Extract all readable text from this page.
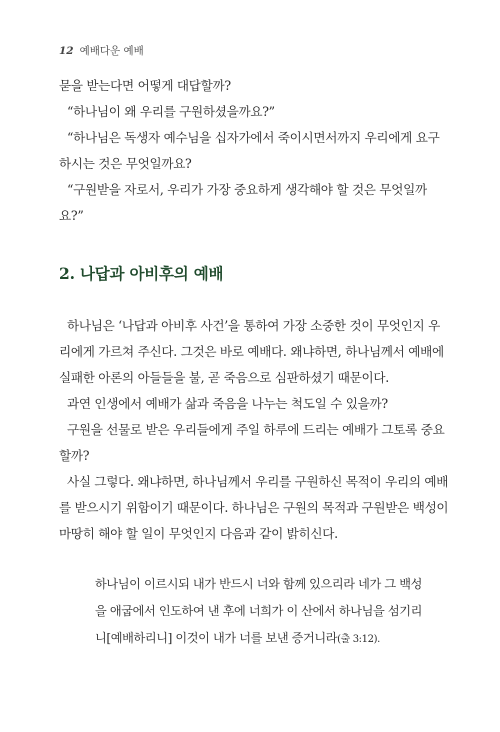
12 예배다운 예배

묻을 받는다면 어떻게 대답할까?

“하나님이 왜 우리를 구원하셨을까요?”

“하나님은 독생자 예수님을 십자가에서 죽이시면서까지 우리에게 요구하시는 것은 무엇일까요?

“구원받을 자로서, 우리가 가장 중요하게 생각해야 할 것은 무엇일까요?”

2. 나답과 아비후의 예배

하나님은 ‘나답과 아비후 사건’을 통하여 가장 소중한 것이 무엇인지 우리에게 가르쳐 주신다. 그것은 바로 예배다. 왜냐하면, 하나님께서 예배에 실패한 아론의 아들들을 불, 곧 죽음으로 심판하셨기 때문이다.

과연 인생에서 예배가 삶과 죽음을 나누는 척도일 수 있을까?

구원을 선물로 받은 우리들에게 주일 하루에 드리는 예배가 그토록 중요할까?

사실 그렇다. 왜냐하면, 하나님께서 우리를 구원하신 목적이 우리의 예배를 받으시기 위함이기 때문이다. 하나님은 구원의 목적과 구원받은 백성이 마땅히 해야 할 일이 무엇인지 다음과 같이 밝히신다.

하나님이 이르시되 내가 반드시 너와 함께 있으리라 네가 그 백성을 애굽에서 인도하여 낸 후에 너희가 이 산에서 하나님을 섬기리니[예배하리니] 이것이 내가 너를 보낸 증거니라(출 3:12).
